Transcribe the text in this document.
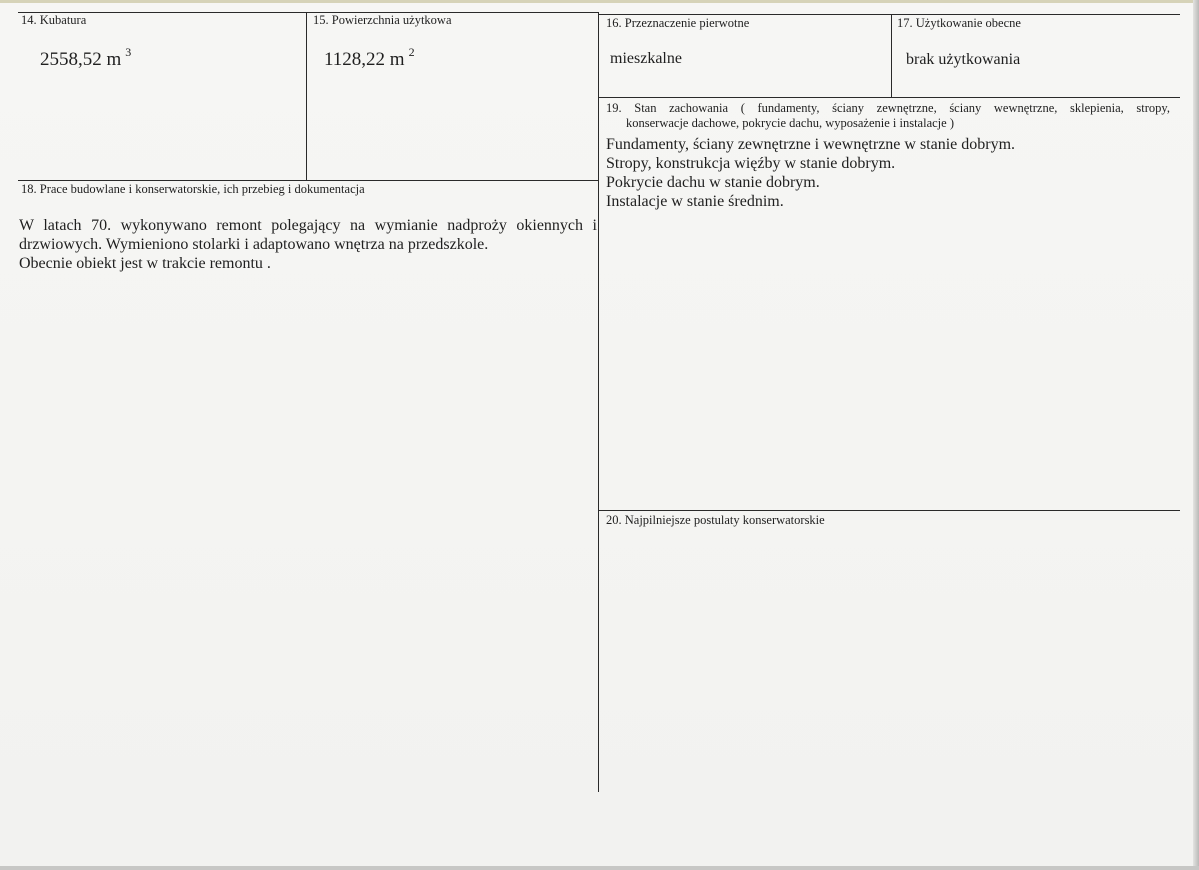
14. Kubatura
2558,52 m $^3$
15. Powierzchnia użytkowa
1128,22 m $^2$
16. Przeznaczenie pierwotne
mieszkalne
17. Użytkowanie obecne
brak użytkowania
18. Prace budowlane i konserwatorskie, ich przebieg i dokumentacja
W latach 70. wykonywano remont polegający na wymianie nadproży okiennych i
drzwiowych. Wymieniono stolarki i adaptowano wnętrza na przedszkole.
Obecnie obiekt jest w trakcie remontu .
19. Stan zachowania ( fundamenty, ściany zewnętrzne, ściany wewnętrzne, sklepienia, stropy,
konserwacje dachowe, pokrycie dachu, wyposażenie i instalacje )
Fundamenty, ściany zewnętrzne i wewnętrzne w stanie dobrym.
Stropy, konstrukcja więźby w stanie dobrym.
Pokrycie dachu w stanie dobrym.
Instalacje w stanie średnim.
20. Najpilniejsze postulaty konserwatorskie
